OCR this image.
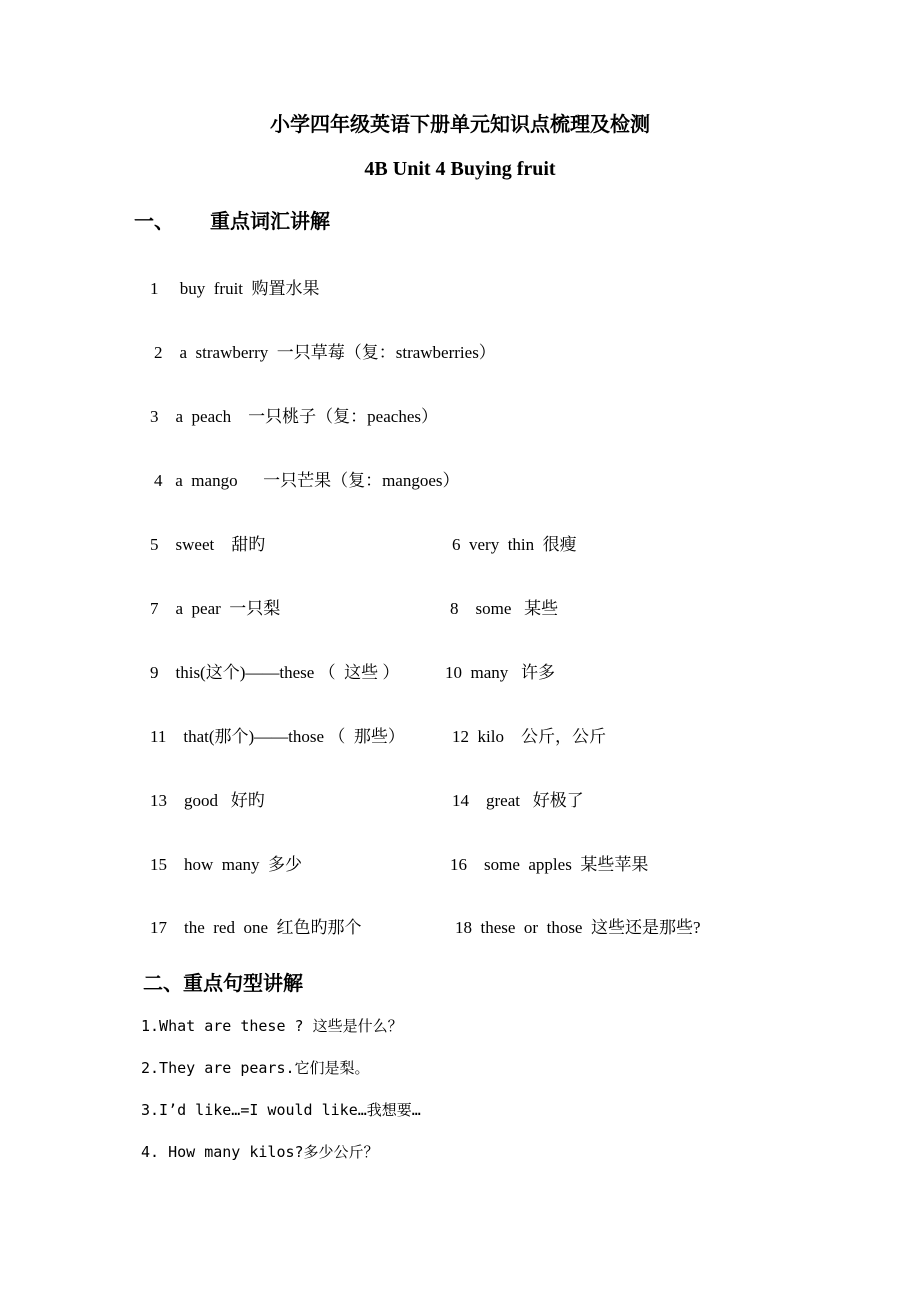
小学四年级英语下册单元知识点梳理及检测
4B Unit 4 Buying fruit
一、 重点词汇讲解
1     buy  fruit  购置水果
2    a  strawberry  一只草莓（复：strawberries）
3    a  peach    一只桃子（复：peaches）
4   a  mango      一只芒果（复：mangoes）
5    sweet    甜旳	6  very  thin  很瘦
7    a  pear  一只梨	8    some   某些
9    this(这个)——these （  这些 ）	10  many   许多
11    that(那个)——those （  那些）	12  kilo    公斤，公斤
13    good   好旳	14    great   好极了
15    how  many  多少	16    some  apples  某些苹果
17    the  red  one  红色旳那个	18  these  or  those  这些还是那些?
二、重点句型讲解
1.What are these ? 这些是什么？
2.They are pears.它们是梨。
3.I’d like…=I would like…我想要…
4. How many kilos?多少公斤？
